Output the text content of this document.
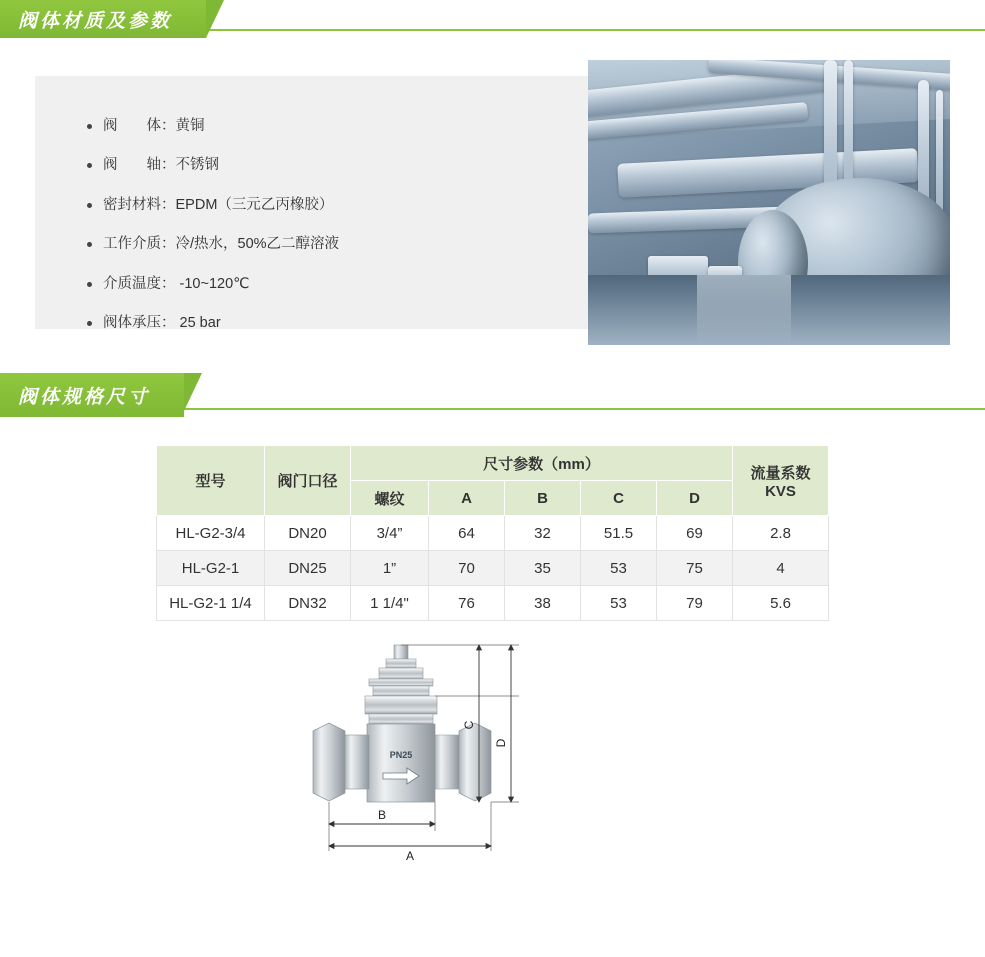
阀体材质及参数
阀　　体：黄铜
阀　　轴：不锈钢
密封材料：EPDM（三元乙丙橡胶）
工作介质：冷/热水，50%乙二醇溶液
介质温度： -10~120℃
阀体承压： 25 bar
阀体规格尺寸
型号	阀门口径	尺寸参数（mm）					流量系数
KVS

		螺纹	A	B	C	D	
HL-G2-3/4	DN20	3/4”	64	32	51.5	69	2.8
HL-G2-1	DN25	1”	70	35	53	75	4
HL-G2-1 1/4	DN32	1 1/4"	76	38	53	79	5.6
PN25
B
A
C
D
